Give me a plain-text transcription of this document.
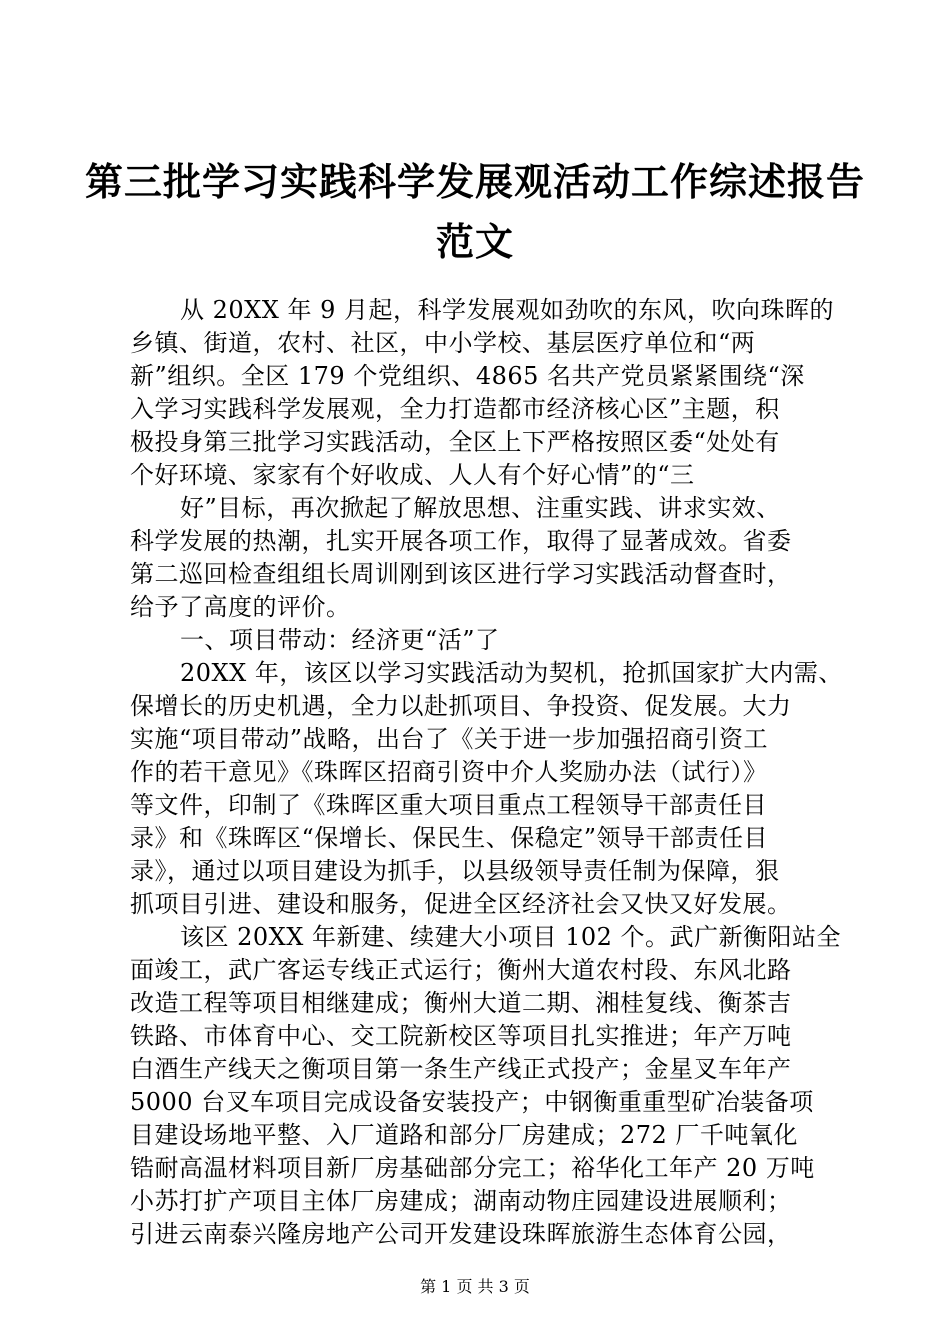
第三批学习实践科学发展观活动工作综述报告
范文
从 20XX 年 9 月起，科学发展观如劲吹的东风，吹向珠晖的
乡镇、街道，农村、社区，中小学校、基层医疗单位和“两
新”组织。全区 179 个党组织、4865 名共产党员紧紧围绕“深
入学习实践科学发展观，全力打造都市经济核心区”主题，积
极投身第三批学习实践活动，全区上下严格按照区委“处处有
个好环境、家家有个好收成、人人有个好心情”的“三
好”目标，再次掀起了解放思想、注重实践、讲求实效、
科学发展的热潮，扎实开展各项工作，取得了显著成效。省委
第二巡回检查组组长周训刚到该区进行学习实践活动督查时，
给予了高度的评价。
一、项目带动：经济更“活”了
20XX 年，该区以学习实践活动为契机，抢抓国家扩大内需、
保增长的历史机遇，全力以赴抓项目、争投资、促发展。大力
实施“项目带动”战略，出台了《关于进一步加强招商引资工
作的若干意见》《珠晖区招商引资中介人奖励办法（试行）》
等文件，印制了《珠晖区重大项目重点工程领导干部责任目
录》和《珠晖区“保增长、保民生、保稳定”领导干部责任目
录》，通过以项目建设为抓手，以县级领导责任制为保障，狠
抓项目引进、建设和服务，促进全区经济社会又快又好发展。
该区 20XX 年新建、续建大小项目 102 个。武广新衡阳站全
面竣工，武广客运专线正式运行；衡州大道农村段、东风北路
改造工程等项目相继建成；衡州大道二期、湘桂复线、衡茶吉
铁路、市体育中心、交工院新校区等项目扎实推进；年产万吨
白酒生产线天之衡项目第一条生产线正式投产；金星叉车年产
5000 台叉车项目完成设备安装投产；中钢衡重重型矿冶装备项
目建设场地平整、入厂道路和部分厂房建成；272 厂千吨氧化
锆耐高温材料项目新厂房基础部分完工；裕华化工年产 20 万吨
小苏打扩产项目主体厂房建成；湖南动物庄园建设进展顺利；
引进云南泰兴隆房地产公司开发建设珠晖旅游生态体育公园，
第 1 页 共 3 页
